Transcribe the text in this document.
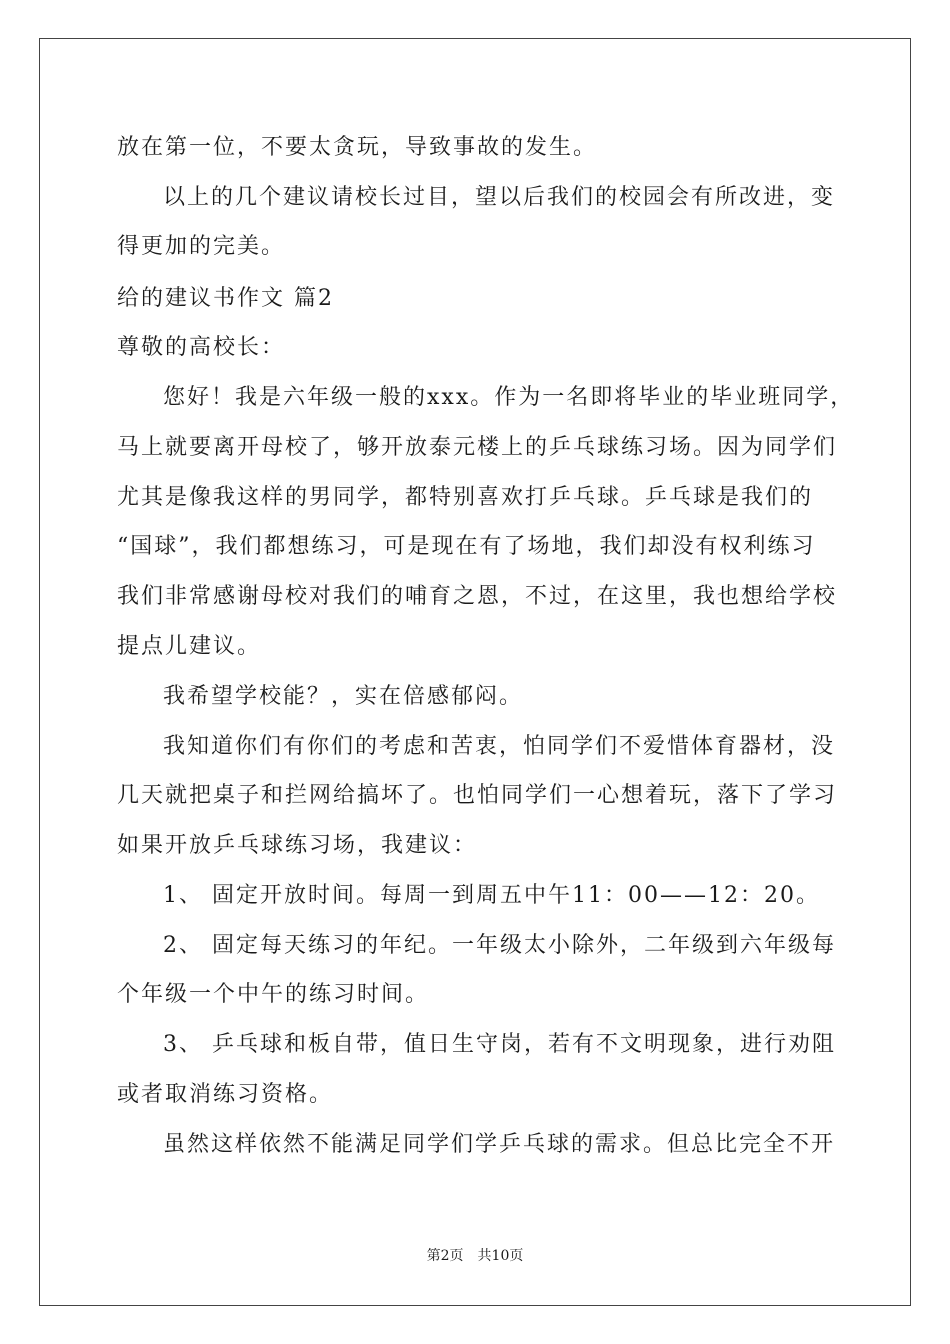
放在第一位，不要太贪玩，导致事故的发生。
以上的几个建议请校长过目，望以后我们的校园会有所改进，变
得更加的完美。
给的建议书作文 篇2
尊敬的高校长：
您好！我是六年级一般的xxx。作为一名即将毕业的毕业班同学，
马上就要离开母校了，够开放泰元楼上的乒乓球练习场。因为同学们
尤其是像我这样的男同学，都特别喜欢打乒乓球。乒乓球是我们的
“国球”，我们都想练习，可是现在有了场地，我们却没有权利练习
我们非常感谢母校对我们的哺育之恩，不过，在这里，我也想给学校
提点儿建议。
我希望学校能？，实在倍感郁闷。
我知道你们有你们的考虑和苦衷，怕同学们不爱惜体育器材，没
几天就把桌子和拦网给搞坏了。也怕同学们一心想着玩，落下了学习
如果开放乒乓球练习场，我建议：
1、 固定开放时间。每周一到周五中午11：00——12：20。
2、 固定每天练习的年纪。一年级太小除外，二年级到六年级每
个年级一个中午的练习时间。
3、 乒乓球和板自带，值日生守岗，若有不文明现象，进行劝阻
或者取消练习资格。
虽然这样依然不能满足同学们学乒乓球的需求。但总比完全不开
第2页　共10页
